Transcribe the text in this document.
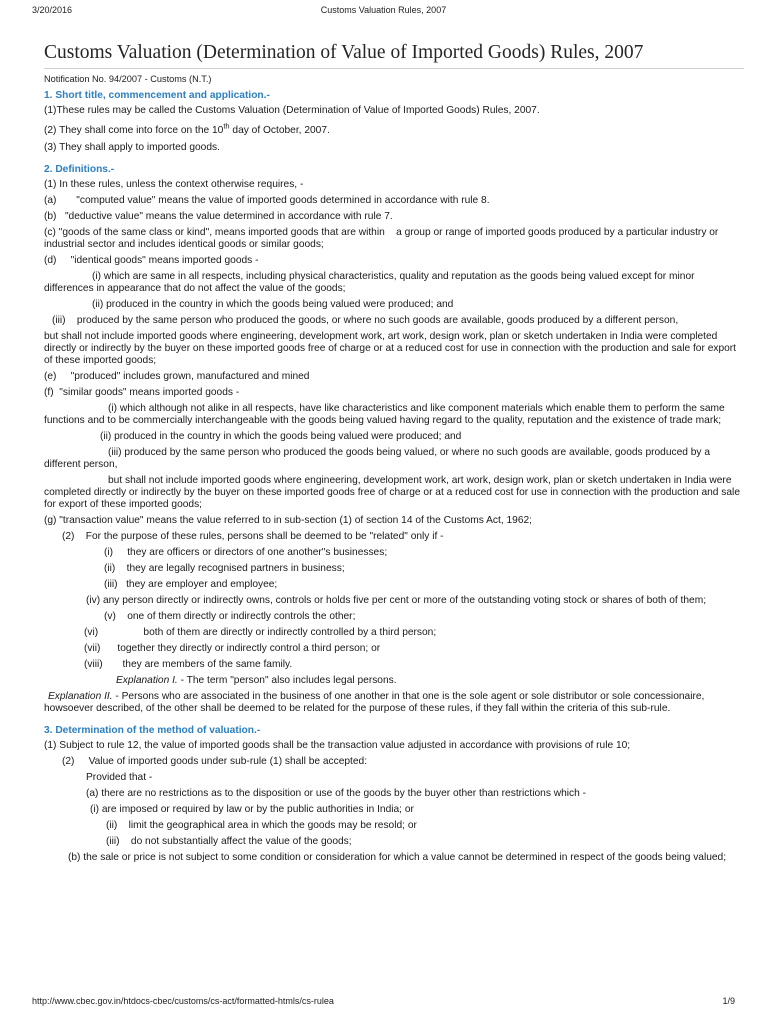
3/20/2016	Customs Valuation Rules, 2007
Customs Valuation (Determination of Value of Imported Goods) Rules, 2007
Notification No. 94/2007 - Customs (N.T.)

1. Short title, commencement and application.-

(1)These rules may be called the Customs Valuation (Determination of Value of Imported Goods) Rules, 2007.

(2) They shall come into force on the 10th day of October, 2007.

(3) They shall apply to imported goods.

2. Definitions.-

(1) In these rules, unless the context otherwise requires, -

(a)       "computed value" means the value of imported goods determined in accordance with rule 8.

(b)   "deductive value" means the value determined in accordance with rule 7.

(c) "goods of the same class or kind", means imported goods that are within    a group or range of imported goods produced by a particular industry or industrial sector and includes identical goods or similar goods;

(d)     "identical goods" means imported goods -

(i) which are same in all respects, including physical characteristics, quality and reputation as the goods being valued except for minor differences in appearance that do not affect the value of the goods;

(ii) produced in the country in which the goods being valued were produced; and

(iii)    produced by the same person who produced the goods, or where no such goods are available, goods produced by a different person,

but shall not include imported goods where engineering, development work, art work, design work, plan or sketch undertaken in India were completed directly or indirectly by the buyer on these imported goods free of charge or at a reduced cost for use in connection with the production and sale for export of these imported goods;

(e)     "produced" includes grown, manufactured and mined

(f)  "similar goods" means imported goods -

(i) which although not alike in all respects, have like characteristics and like component materials which enable them to perform the same functions and to be commercially interchangeable with the goods being valued having regard to the quality, reputation and the existence of trade mark;

(ii) produced in the country in which the goods being valued were produced; and

(iii) produced by the same person who produced the goods being valued, or where no such goods are available, goods produced by a different person,

but shall not include imported goods where engineering, development work, art work, design work, plan or sketch undertaken in India were completed directly or indirectly by the buyer on these imported goods free of charge or at a reduced cost for use in connection with the production and sale for export of these imported goods;

(g) "transaction value" means the value referred to in sub-section (1) of section 14 of the Customs Act, 1962;

(2)    For the purpose of these rules, persons shall be deemed to be "related" only if -

(i)     they are officers or directors of one another"s businesses;

(ii)    they are legally recognised partners in business;

(iii)   they are employer and employee;

(iv) any person directly or indirectly owns, controls or holds five per cent or more of the outstanding voting stock or shares of both of them;

(v)    one of them directly or indirectly controls the other;

(vi)                both of them are directly or indirectly controlled by a third person;

(vii)      together they directly or indirectly control a third person; or

(viii)       they are members of the same family.

Explanation I. - The term "person" also includes legal persons.

Explanation II. - Persons who are associated in the business of one another in that one is the sole agent or sole distributor or sole concessionaire, howsoever described, of the other shall be deemed to be related for the purpose of these rules, if they fall within the criteria of this sub-rule.

3. Determination of the method of valuation.-

(1) Subject to rule 12, the value of imported goods shall be the transaction value adjusted in accordance with provisions of rule 10;

(2)     Value of imported goods under sub-rule (1) shall be accepted:

Provided that -

(a) there are no restrictions as to the disposition or use of the goods by the buyer other than restrictions which -

(i) are imposed or required by law or by the public authorities in India; or

(ii)    limit the geographical area in which the goods may be resold; or

(iii)    do not substantially affect the value of the goods;

(b) the sale or price is not subject to some condition or consideration for which a value cannot be determined in respect of the goods being valued;

http://www.cbec.gov.in/htdocs-cbec/customs/cs-act/formatted-htmls/cs-rulea	1/9
